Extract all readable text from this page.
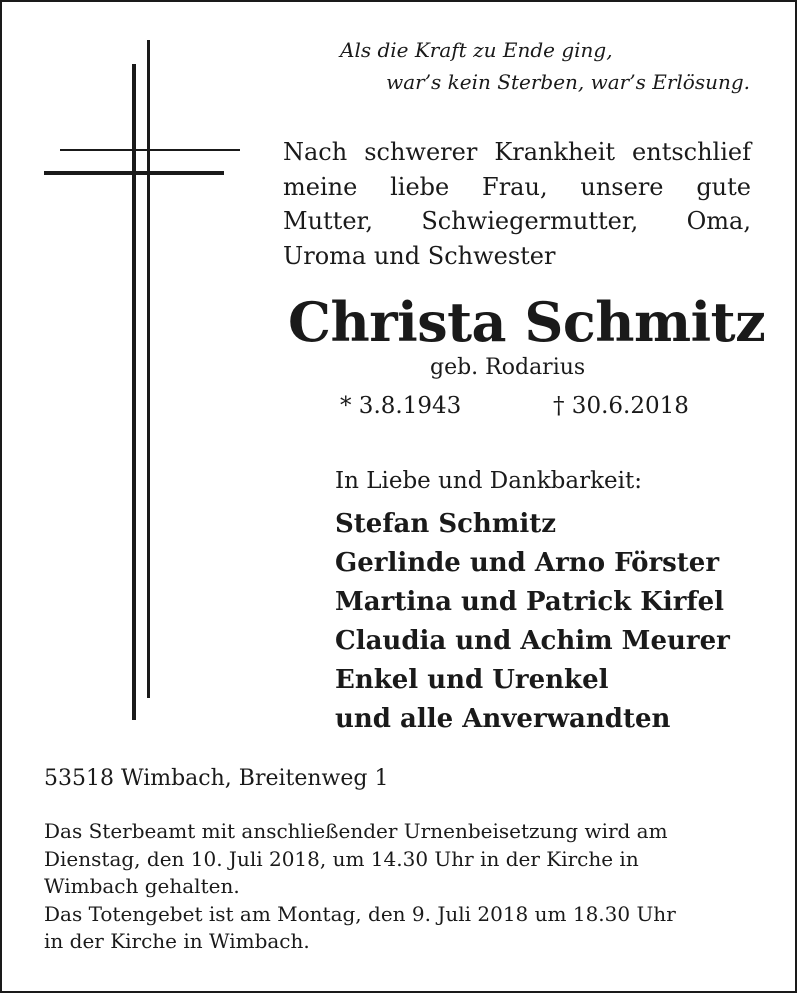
Als die Kraft zu Ende ging,
war’s kein Sterben, war’s Erlösung.
Nach schwerer Krankheit entschlief
meine liebe Frau, unsere gute
Mutter, Schwiegermutter, Oma,
Uroma und Schwester
Christa Schmitz
geb. Rodarius
* 3.8.1943	† 30.6.2018
In Liebe und Dankbarkeit:
Stefan Schmitz
Gerlinde und Arno Förster
Martina und Patrick Kirfel
Claudia und Achim Meurer
Enkel und Urenkel
und alle Anverwandten
53518 Wimbach, Breitenweg 1
Das Sterbeamt mit anschließender Urnenbeisetzung wird am
Dienstag, den 10. Juli 2018, um 14.30 Uhr in der Kirche in
Wimbach gehalten.
Das Totengebet ist am Montag, den 9. Juli 2018 um 18.30 Uhr
in der Kirche in Wimbach.
